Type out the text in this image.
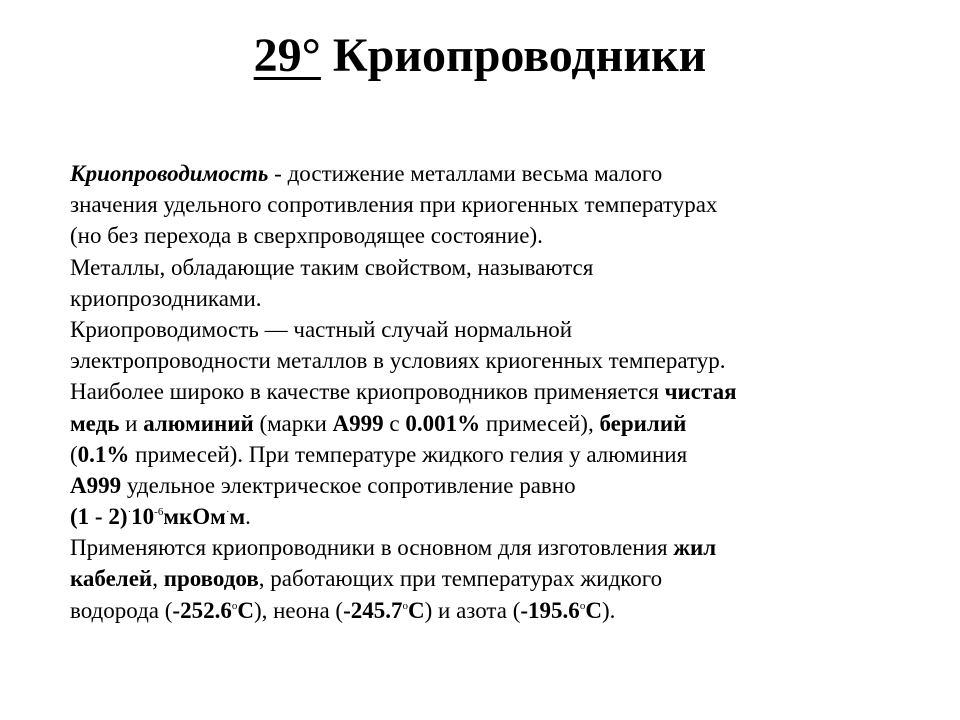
29° Криопроводники
Криопроводимость - достижение металлами весьма малого
значения удельного сопротивления при криогенных температурах
(но без перехода в сверхпроводящее состояние).
Металлы, обладающие таким свойством, называются
криопрозодниками.
Криопроводимость — частный случай нормальной
электропроводности металлов в условиях криогенных температур.
Наиболее широко в качестве криопроводников применяется чистая
медь и алюминий (марки А999 с 0.001% примесей), берилий
(0.1% примесей). При температуре жидкого гелия у алюминия
А999 удельное электрическое сопротивление равно
$(1 - 2)^\cdot 10^{-6}мкОм^\cdot м$.
Применяются криопроводники в основном для изготовления жил
кабелей, проводов, работающих при температурах жидкого
водорода (-252.6$^o$С), неона (-245.7$^o$С) и азота (-195.6$^o$С).
